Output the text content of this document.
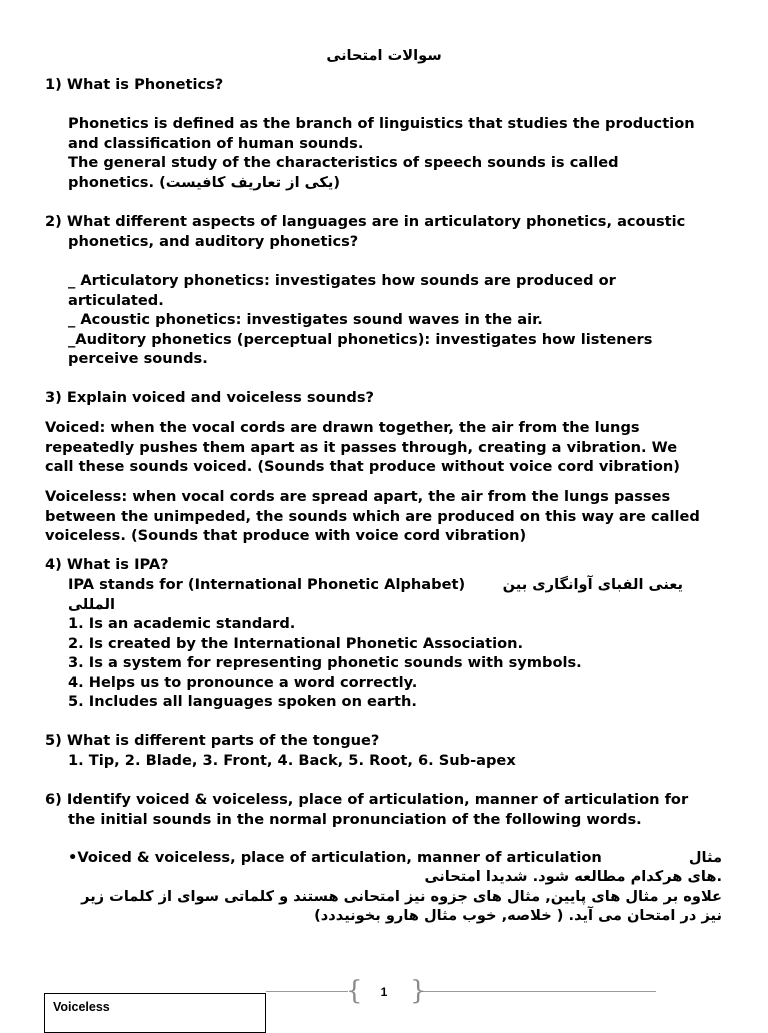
سوالات امتحانی
1) What is Phonetics?
Phonetics is defined as the branch of linguistics that studies the production
and classification of human sounds.
The general study of the characteristics of speech sounds is called
phonetics. (یکی از تعاریف کافیست)
2) What different aspects of languages are in articulatory phonetics, acoustic
phonetics, and auditory phonetics?
_ Articulatory phonetics: investigates how sounds are produced or
articulated.
_ Acoustic phonetics: investigates sound waves in the air.
_Auditory phonetics (perceptual phonetics): investigates how listeners
perceive sounds.
3) Explain voiced and voiceless sounds?
Voiced: when the vocal cords are drawn together, the air from the lungs
repeatedly pushes them apart as it passes through, creating a vibration. We
call these sounds voiced. (Sounds that produce without voice cord vibration)
Voiceless: when vocal cords are spread apart, the air from the lungs passes
between the unimpeded, the sounds which are produced on this way are called
voiceless. (Sounds that produce with voice cord vibration)
4) What is IPA?
IPA stands for (International Phonetic Alphabet)	یعنی الفبای آوانگاری بین
المللی
1. Is an academic standard.
2. Is created by the International Phonetic Association.
3. Is a system for representing phonetic sounds with symbols.
4. Helps us to pronounce a word correctly.
5. Includes all languages spoken on earth.
5) What is different parts of the tongue?
1. Tip, 2. Blade, 3. Front, 4. Back, 5. Root, 6. Sub-apex
6) Identify voiced & voiceless, place of articulation, manner of articulation for
the initial sounds in the normal pronunciation of the following words.
•Voiced & voiceless, place of articulation, manner of articulation	مثال
.های هرکدام مطالعه شود. شدیدا امتحانی
علاوه بر مثال های پایین, مثال های جزوه نیز امتحانی هستند و کلماتی سوای از کلمات زیر
نیز در امتحان می آید. ( خلاصه, خوب مثال هارو بخونیددد)
{ }
1
Voiceless
